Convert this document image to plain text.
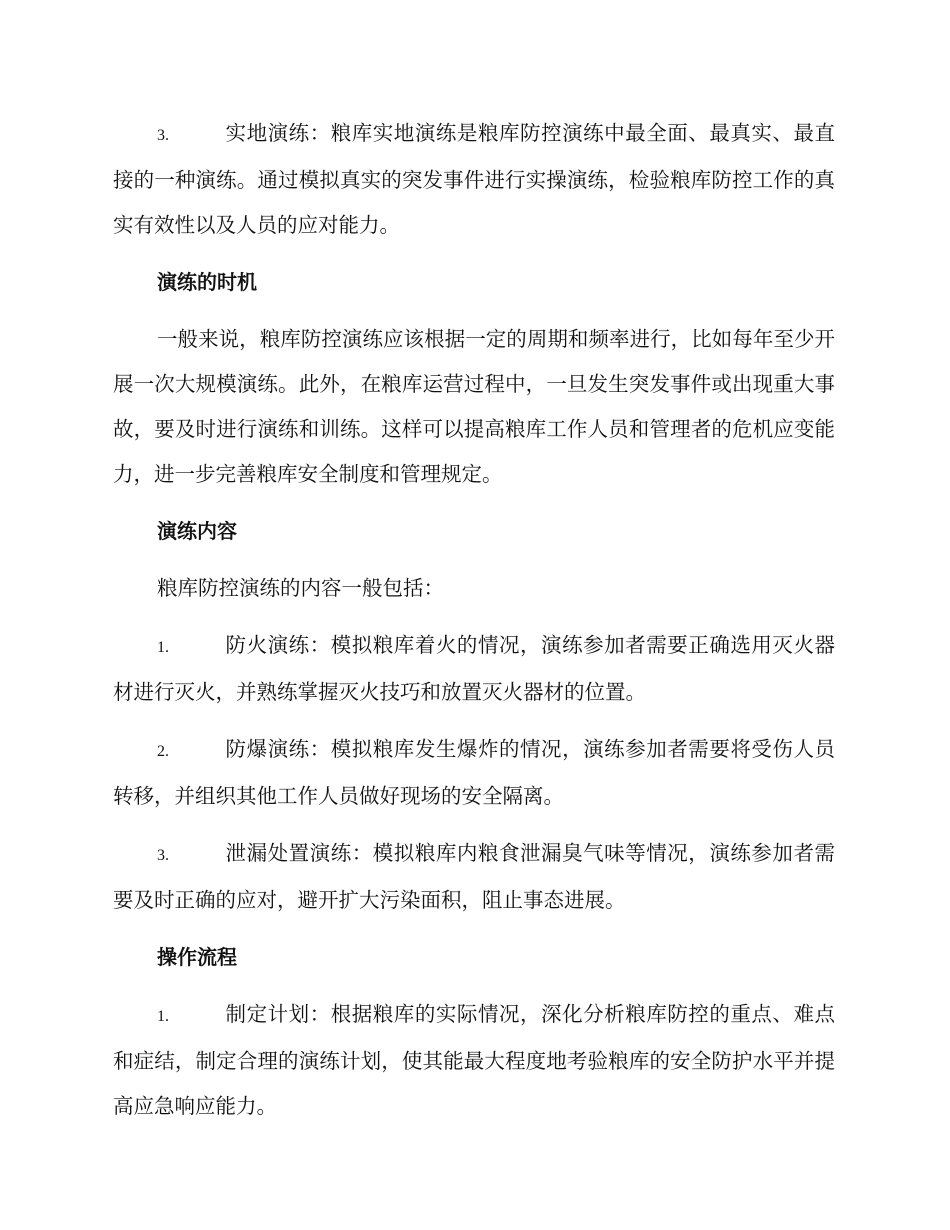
3.	实地演练：粮库实地演练是粮库防控演练中最全面、最真实、最直接的一种演练。通过模拟真实的突发事件进行实操演练，检验粮库防控工作的真实有效性以及人员的应对能力。

演练的时机

一般来说，粮库防控演练应该根据一定的周期和频率进行，比如每年至少开展一次大规模演练。此外，在粮库运营过程中，一旦发生突发事件或出现重大事故，要及时进行演练和训练。这样可以提高粮库工作人员和管理者的危机应变能力，进一步完善粮库安全制度和管理规定。

演练内容

粮库防控演练的内容一般包括：

1.	防火演练：模拟粮库着火的情况，演练参加者需要正确选用灭火器材进行灭火，并熟练掌握灭火技巧和放置灭火器材的位置。

2.	防爆演练：模拟粮库发生爆炸的情况，演练参加者需要将受伤人员转移，并组织其他工作人员做好现场的安全隔离。

3.	泄漏处置演练：模拟粮库内粮食泄漏臭气味等情况，演练参加者需要及时正确的应对，避开扩大污染面积，阻止事态进展。

操作流程

1.	制定计划：根据粮库的实际情况，深化分析粮库防控的重点、难点和症结，制定合理的演练计划，使其能最大程度地考验粮库的安全防护水平并提高应急响应能力。
